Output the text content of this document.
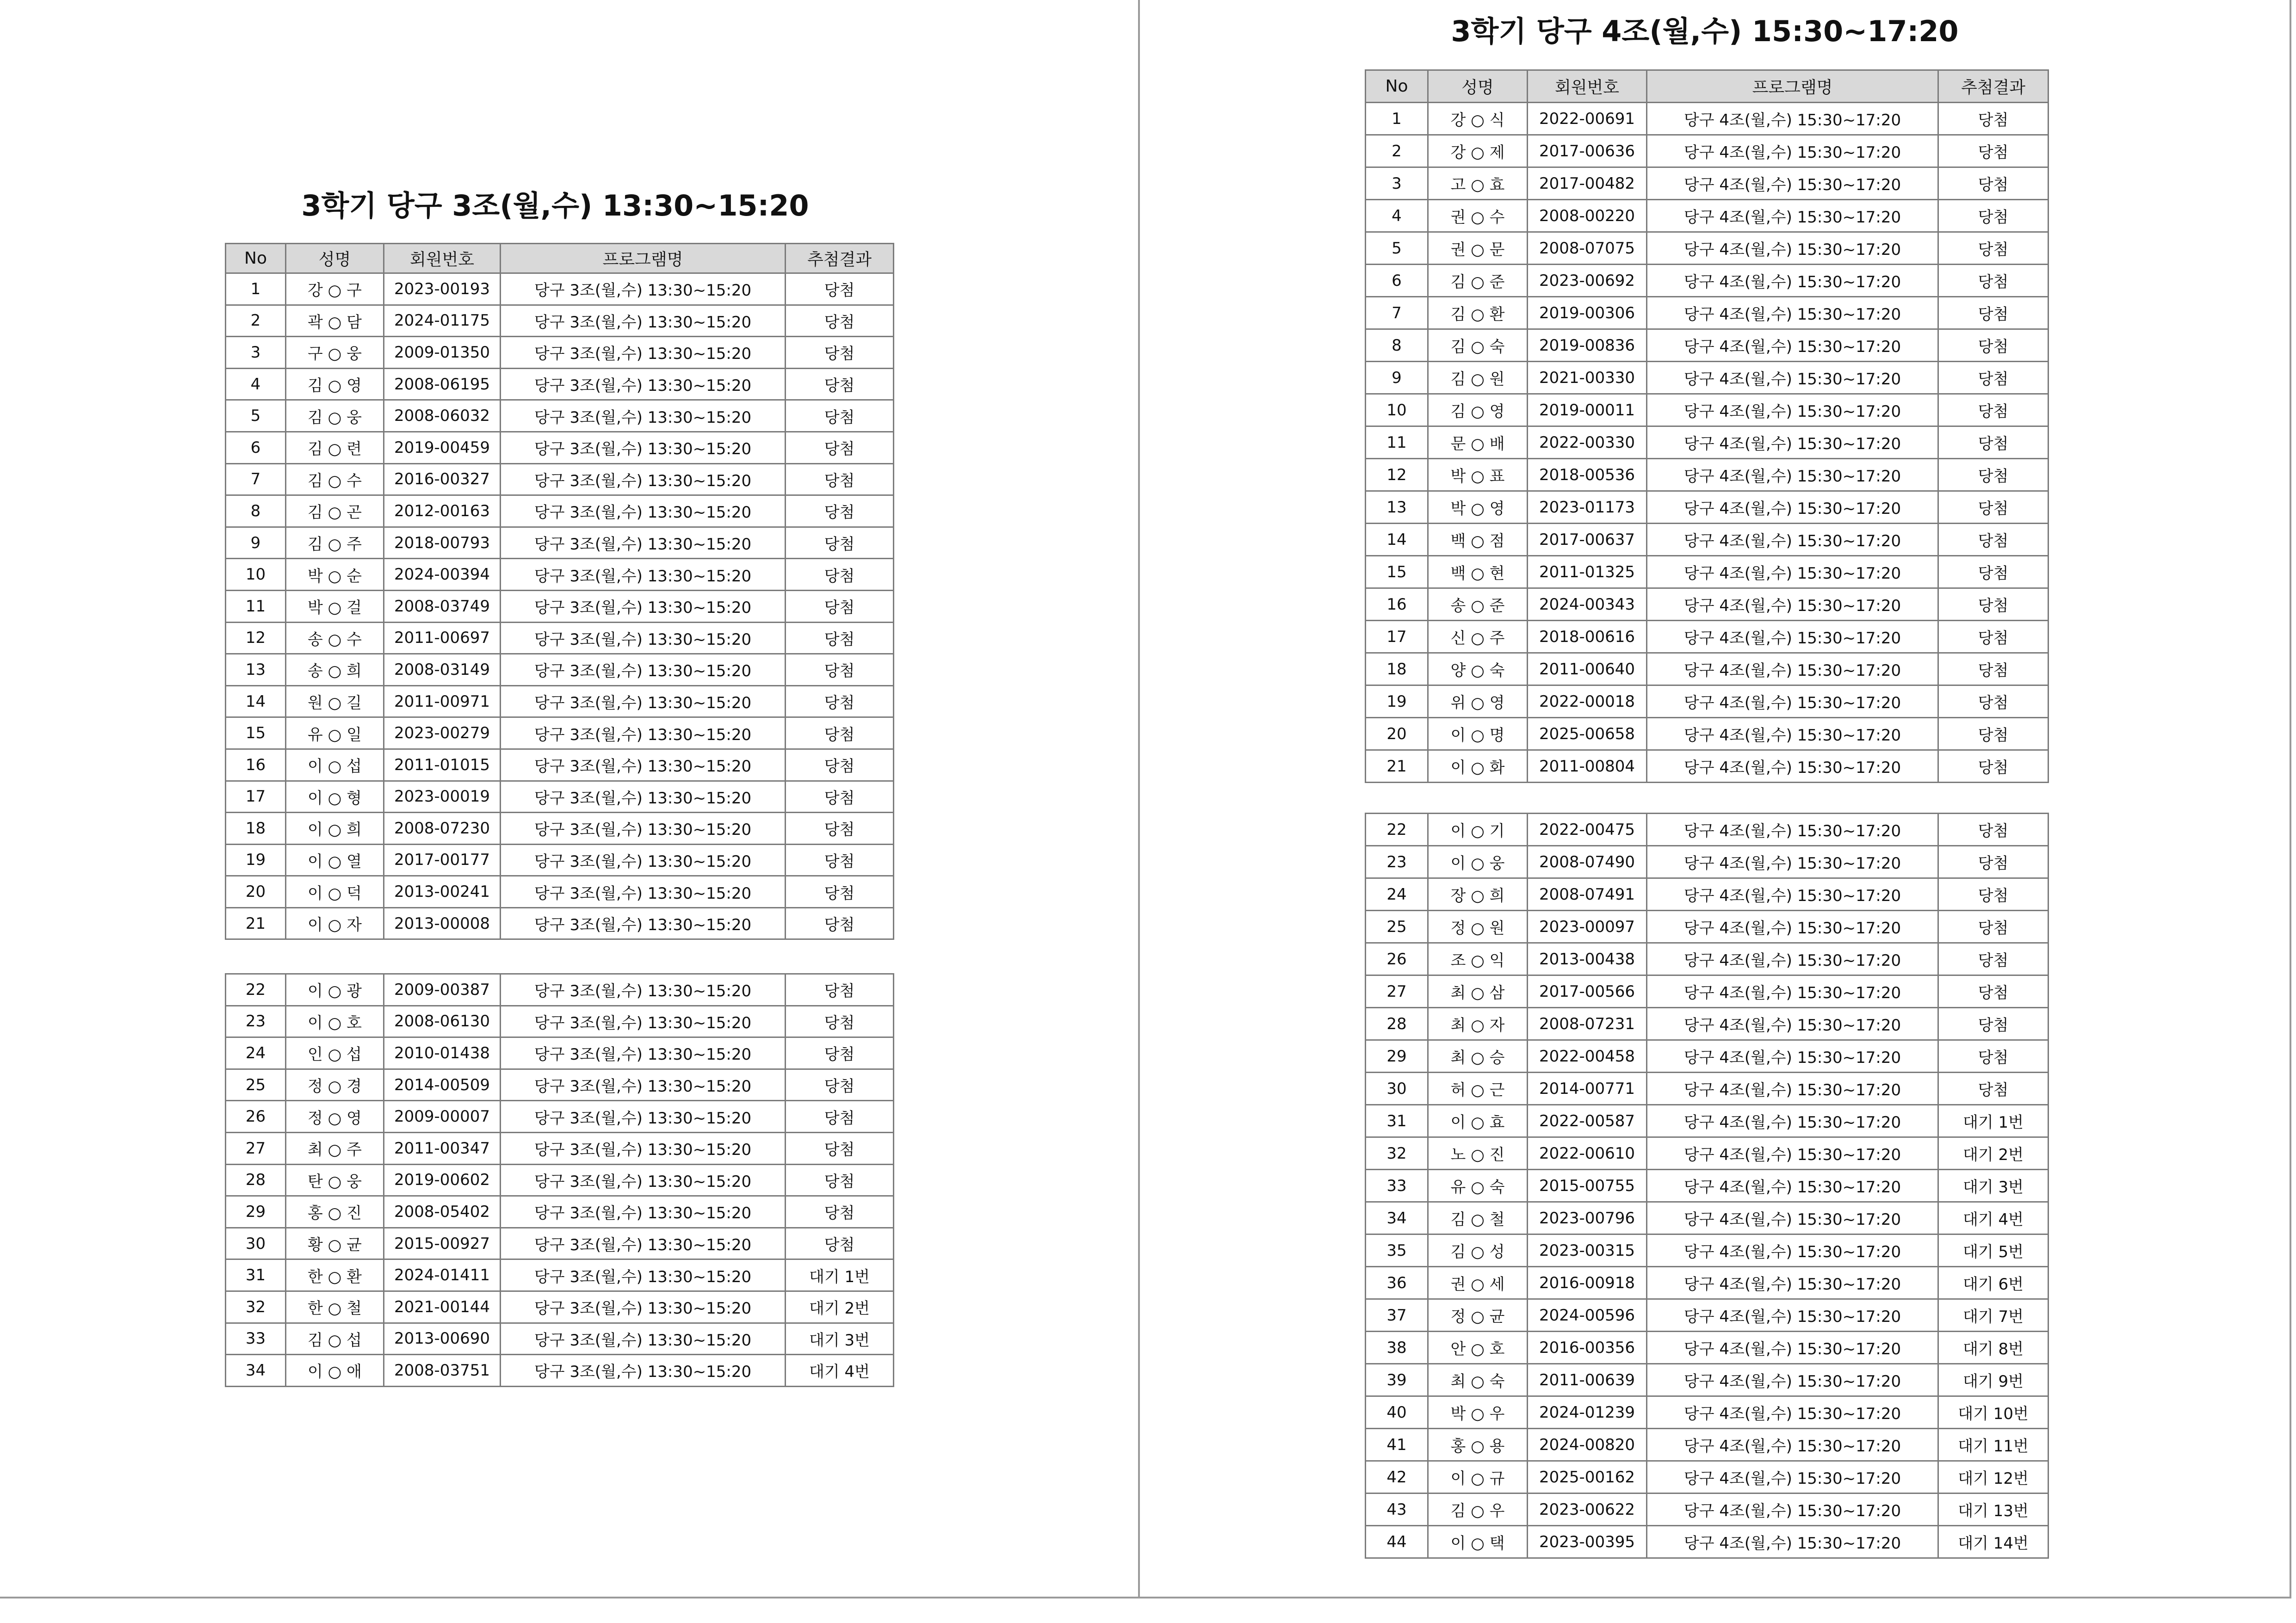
3학기 당구 3조(월,수) 13:30~15:20
No	성명	회원번호	프로그램명	추첨결과
1	강 ○ 구	2023-00193	당구 3조(월,수) 13:30~15:20	당첨
2	곽 ○ 담	2024-01175	당구 3조(월,수) 13:30~15:20	당첨
3	구 ○ 웅	2009-01350	당구 3조(월,수) 13:30~15:20	당첨
4	김 ○ 영	2008-06195	당구 3조(월,수) 13:30~15:20	당첨
5	김 ○ 웅	2008-06032	당구 3조(월,수) 13:30~15:20	당첨
6	김 ○ 련	2019-00459	당구 3조(월,수) 13:30~15:20	당첨
7	김 ○ 수	2016-00327	당구 3조(월,수) 13:30~15:20	당첨
8	김 ○ 곤	2012-00163	당구 3조(월,수) 13:30~15:20	당첨
9	김 ○ 주	2018-00793	당구 3조(월,수) 13:30~15:20	당첨
10	박 ○ 순	2024-00394	당구 3조(월,수) 13:30~15:20	당첨
11	박 ○ 걸	2008-03749	당구 3조(월,수) 13:30~15:20	당첨
12	송 ○ 수	2011-00697	당구 3조(월,수) 13:30~15:20	당첨
13	송 ○ 희	2008-03149	당구 3조(월,수) 13:30~15:20	당첨
14	원 ○ 길	2011-00971	당구 3조(월,수) 13:30~15:20	당첨
15	유 ○ 일	2023-00279	당구 3조(월,수) 13:30~15:20	당첨
16	이 ○ 섭	2011-01015	당구 3조(월,수) 13:30~15:20	당첨
17	이 ○ 형	2023-00019	당구 3조(월,수) 13:30~15:20	당첨
18	이 ○ 희	2008-07230	당구 3조(월,수) 13:30~15:20	당첨
19	이 ○ 열	2017-00177	당구 3조(월,수) 13:30~15:20	당첨
20	이 ○ 덕	2013-00241	당구 3조(월,수) 13:30~15:20	당첨
21	이 ○ 자	2013-00008	당구 3조(월,수) 13:30~15:20	당첨
22	이 ○ 광	2009-00387	당구 3조(월,수) 13:30~15:20	당첨
23	이 ○ 호	2008-06130	당구 3조(월,수) 13:30~15:20	당첨
24	인 ○ 섭	2010-01438	당구 3조(월,수) 13:30~15:20	당첨
25	정 ○ 경	2014-00509	당구 3조(월,수) 13:30~15:20	당첨
26	정 ○ 영	2009-00007	당구 3조(월,수) 13:30~15:20	당첨
27	최 ○ 주	2011-00347	당구 3조(월,수) 13:30~15:20	당첨
28	탄 ○ 웅	2019-00602	당구 3조(월,수) 13:30~15:20	당첨
29	홍 ○ 진	2008-05402	당구 3조(월,수) 13:30~15:20	당첨
30	황 ○ 균	2015-00927	당구 3조(월,수) 13:30~15:20	당첨
31	한 ○ 환	2024-01411	당구 3조(월,수) 13:30~15:20	대기 1번
32	한 ○ 철	2021-00144	당구 3조(월,수) 13:30~15:20	대기 2번
33	김 ○ 섭	2013-00690	당구 3조(월,수) 13:30~15:20	대기 3번
34	이 ○ 애	2008-03751	당구 3조(월,수) 13:30~15:20	대기 4번
3학기 당구 4조(월,수) 15:30~17:20
No	성명	회원번호	프로그램명	추첨결과
1	강 ○ 식	2022-00691	당구 4조(월,수) 15:30~17:20	당첨
2	강 ○ 제	2017-00636	당구 4조(월,수) 15:30~17:20	당첨
3	고 ○ 효	2017-00482	당구 4조(월,수) 15:30~17:20	당첨
4	권 ○ 수	2008-00220	당구 4조(월,수) 15:30~17:20	당첨
5	권 ○ 문	2008-07075	당구 4조(월,수) 15:30~17:20	당첨
6	김 ○ 준	2023-00692	당구 4조(월,수) 15:30~17:20	당첨
7	김 ○ 환	2019-00306	당구 4조(월,수) 15:30~17:20	당첨
8	김 ○ 숙	2019-00836	당구 4조(월,수) 15:30~17:20	당첨
9	김 ○ 원	2021-00330	당구 4조(월,수) 15:30~17:20	당첨
10	김 ○ 영	2019-00011	당구 4조(월,수) 15:30~17:20	당첨
11	문 ○ 배	2022-00330	당구 4조(월,수) 15:30~17:20	당첨
12	박 ○ 표	2018-00536	당구 4조(월,수) 15:30~17:20	당첨
13	박 ○ 영	2023-01173	당구 4조(월,수) 15:30~17:20	당첨
14	백 ○ 점	2017-00637	당구 4조(월,수) 15:30~17:20	당첨
15	백 ○ 현	2011-01325	당구 4조(월,수) 15:30~17:20	당첨
16	송 ○ 준	2024-00343	당구 4조(월,수) 15:30~17:20	당첨
17	신 ○ 주	2018-00616	당구 4조(월,수) 15:30~17:20	당첨
18	양 ○ 숙	2011-00640	당구 4조(월,수) 15:30~17:20	당첨
19	위 ○ 영	2022-00018	당구 4조(월,수) 15:30~17:20	당첨
20	이 ○ 명	2025-00658	당구 4조(월,수) 15:30~17:20	당첨
21	이 ○ 화	2011-00804	당구 4조(월,수) 15:30~17:20	당첨
22	이 ○ 기	2022-00475	당구 4조(월,수) 15:30~17:20	당첨
23	이 ○ 웅	2008-07490	당구 4조(월,수) 15:30~17:20	당첨
24	장 ○ 희	2008-07491	당구 4조(월,수) 15:30~17:20	당첨
25	정 ○ 원	2023-00097	당구 4조(월,수) 15:30~17:20	당첨
26	조 ○ 익	2013-00438	당구 4조(월,수) 15:30~17:20	당첨
27	최 ○ 삼	2017-00566	당구 4조(월,수) 15:30~17:20	당첨
28	최 ○ 자	2008-07231	당구 4조(월,수) 15:30~17:20	당첨
29	최 ○ 승	2022-00458	당구 4조(월,수) 15:30~17:20	당첨
30	허 ○ 근	2014-00771	당구 4조(월,수) 15:30~17:20	당첨
31	이 ○ 효	2022-00587	당구 4조(월,수) 15:30~17:20	대기 1번
32	노 ○ 진	2022-00610	당구 4조(월,수) 15:30~17:20	대기 2번
33	유 ○ 숙	2015-00755	당구 4조(월,수) 15:30~17:20	대기 3번
34	김 ○ 철	2023-00796	당구 4조(월,수) 15:30~17:20	대기 4번
35	김 ○ 성	2023-00315	당구 4조(월,수) 15:30~17:20	대기 5번
36	권 ○ 세	2016-00918	당구 4조(월,수) 15:30~17:20	대기 6번
37	정 ○ 균	2024-00596	당구 4조(월,수) 15:30~17:20	대기 7번
38	안 ○ 호	2016-00356	당구 4조(월,수) 15:30~17:20	대기 8번
39	최 ○ 숙	2011-00639	당구 4조(월,수) 15:30~17:20	대기 9번
40	박 ○ 우	2024-01239	당구 4조(월,수) 15:30~17:20	대기 10번
41	홍 ○ 용	2024-00820	당구 4조(월,수) 15:30~17:20	대기 11번
42	이 ○ 규	2025-00162	당구 4조(월,수) 15:30~17:20	대기 12번
43	김 ○ 우	2023-00622	당구 4조(월,수) 15:30~17:20	대기 13번
44	이 ○ 택	2023-00395	당구 4조(월,수) 15:30~17:20	대기 14번
